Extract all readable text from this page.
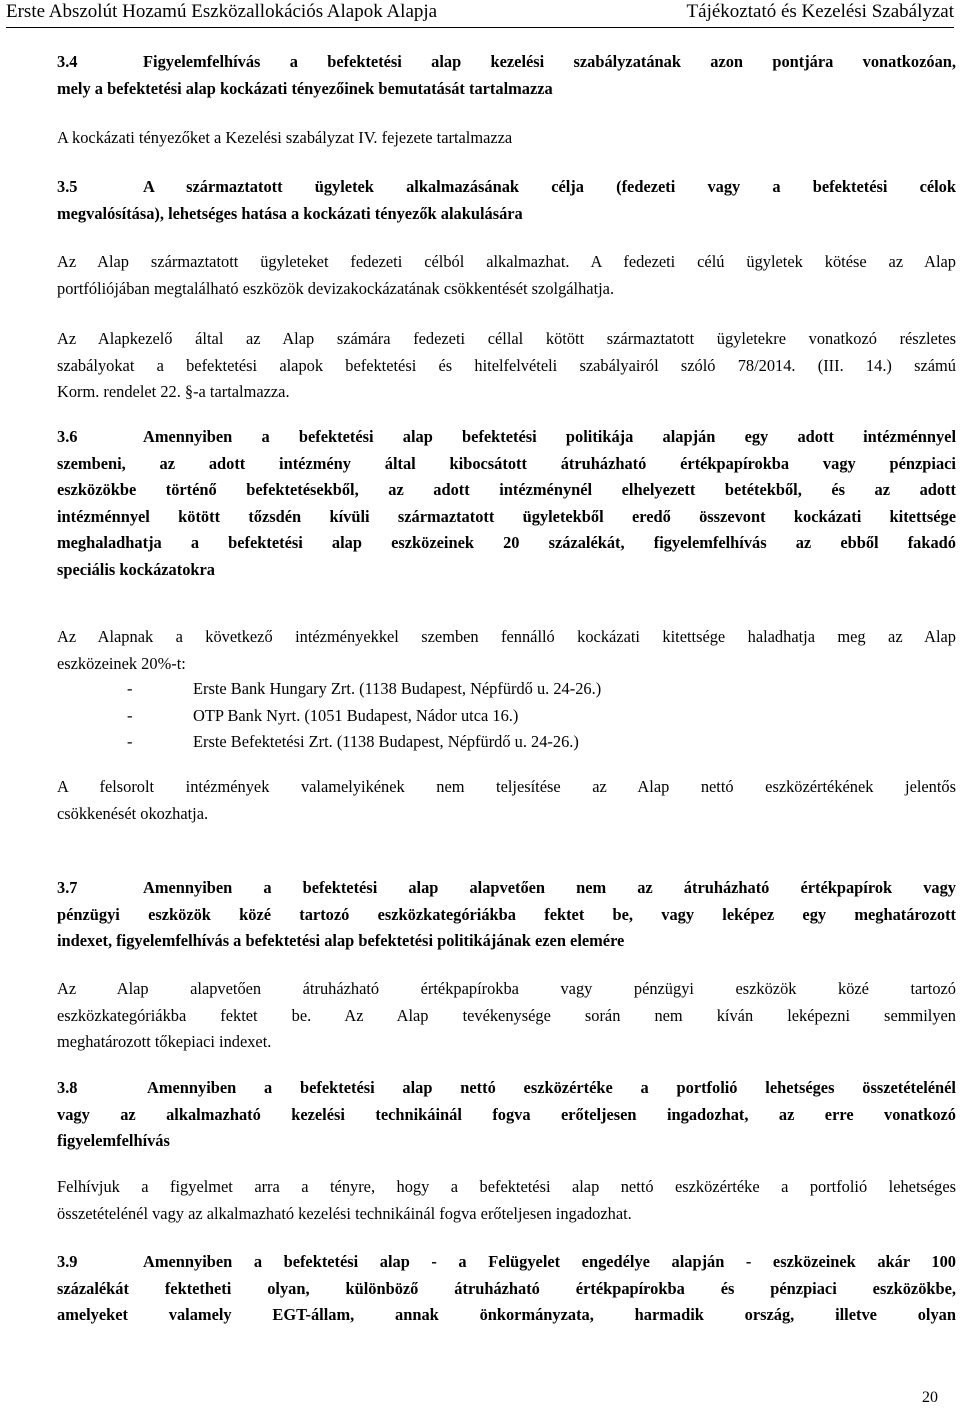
Erste Abszolút Hozamú Eszközallokációs Alapok Alapja	Tájékoztató és Kezelési Szabályzat
3.4	Figyelemfelhívás a befektetési alap kezelési szabályzatának azon pontjára vonatkozóan,
mely a befektetési alap kockázati tényezőinek bemutatását tartalmazza
A kockázati tényezőket a Kezelési szabályzat IV. fejezete tartalmazza
3.5	A származtatott ügyletek alkalmazásának célja (fedezeti vagy a befektetési célok
megvalósítása), lehetséges hatása a kockázati tényezők alakulására
Az Alap származtatott ügyleteket fedezeti célból alkalmazhat. A fedezeti célú ügyletek kötése az Alap
portfóliójában megtalálható eszközök devizakockázatának csökkentését szolgálhatja.
Az Alapkezelő által az Alap számára fedezeti céllal kötött származtatott ügyletekre vonatkozó részletes
szabályokat a befektetési alapok befektetési és hitelfelvételi szabályairól szóló 78/2014. (III. 14.) számú
Korm. rendelet 22. §-a tartalmazza.
3.6	Amennyiben a befektetési alap befektetési politikája alapján egy adott intézménnyel
szembeni, az adott intézmény által kibocsátott átruházható értékpapírokba vagy pénzpiaci
eszközökbe történő befektetésekből, az adott intézménynél elhelyezett betétekből, és az adott
intézménnyel kötött tőzsdén kívüli származtatott ügyletekből eredő összevont kockázati kitettsége
meghaladhatja a befektetési alap eszközeinek 20 százalékát, figyelemfelhívás az ebből fakadó
speciális kockázatokra
Az Alapnak a következő intézményekkel szemben fennálló kockázati kitettsége haladhatja meg az Alap
eszközeinek 20%-t:
-	Erste Bank Hungary Zrt. (1138 Budapest, Népfürdő u. 24-26.)
-	OTP Bank Nyrt. (1051 Budapest, Nádor utca 16.)
-	Erste Befektetési Zrt. (1138 Budapest, Népfürdő u. 24-26.)
A felsorolt intézmények valamelyikének nem teljesítése az Alap nettó eszközértékének jelentős
csökkenését okozhatja.
3.7	Amennyiben a befektetési alap alapvetően nem az átruházható értékpapírok vagy
pénzügyi eszközök közé tartozó eszközkategóriákba fektet be, vagy leképez egy meghatározott
indexet, figyelemfelhívás a befektetési alap befektetési politikájának ezen elemére
Az Alap alapvetően átruházható értékpapírokba vagy pénzügyi eszközök közé tartozó
eszközkategóriákba fektet be. Az Alap tevékenysége során nem kíván leképezni semmilyen
meghatározott tőkepiaci indexet.
3.8	Amennyiben a befektetési alap nettó eszközértéke a portfolió lehetséges összetételénél
vagy az alkalmazható kezelési technikáinál fogva erőteljesen ingadozhat, az erre vonatkozó
figyelemfelhívás
Felhívjuk a figyelmet arra a tényre, hogy a befektetési alap nettó eszközértéke a portfolió lehetséges
összetételénél vagy az alkalmazható kezelési technikáinál fogva erőteljesen ingadozhat.
3.9	Amennyiben a befektetési alap - a Felügyelet engedélye alapján - eszközeinek akár 100
százalékát fektetheti olyan, különböző átruházható értékpapírokba és pénzpiaci eszközökbe,
amelyeket valamely EGT-állam, annak önkormányzata, harmadik ország, illetve olyan
20
